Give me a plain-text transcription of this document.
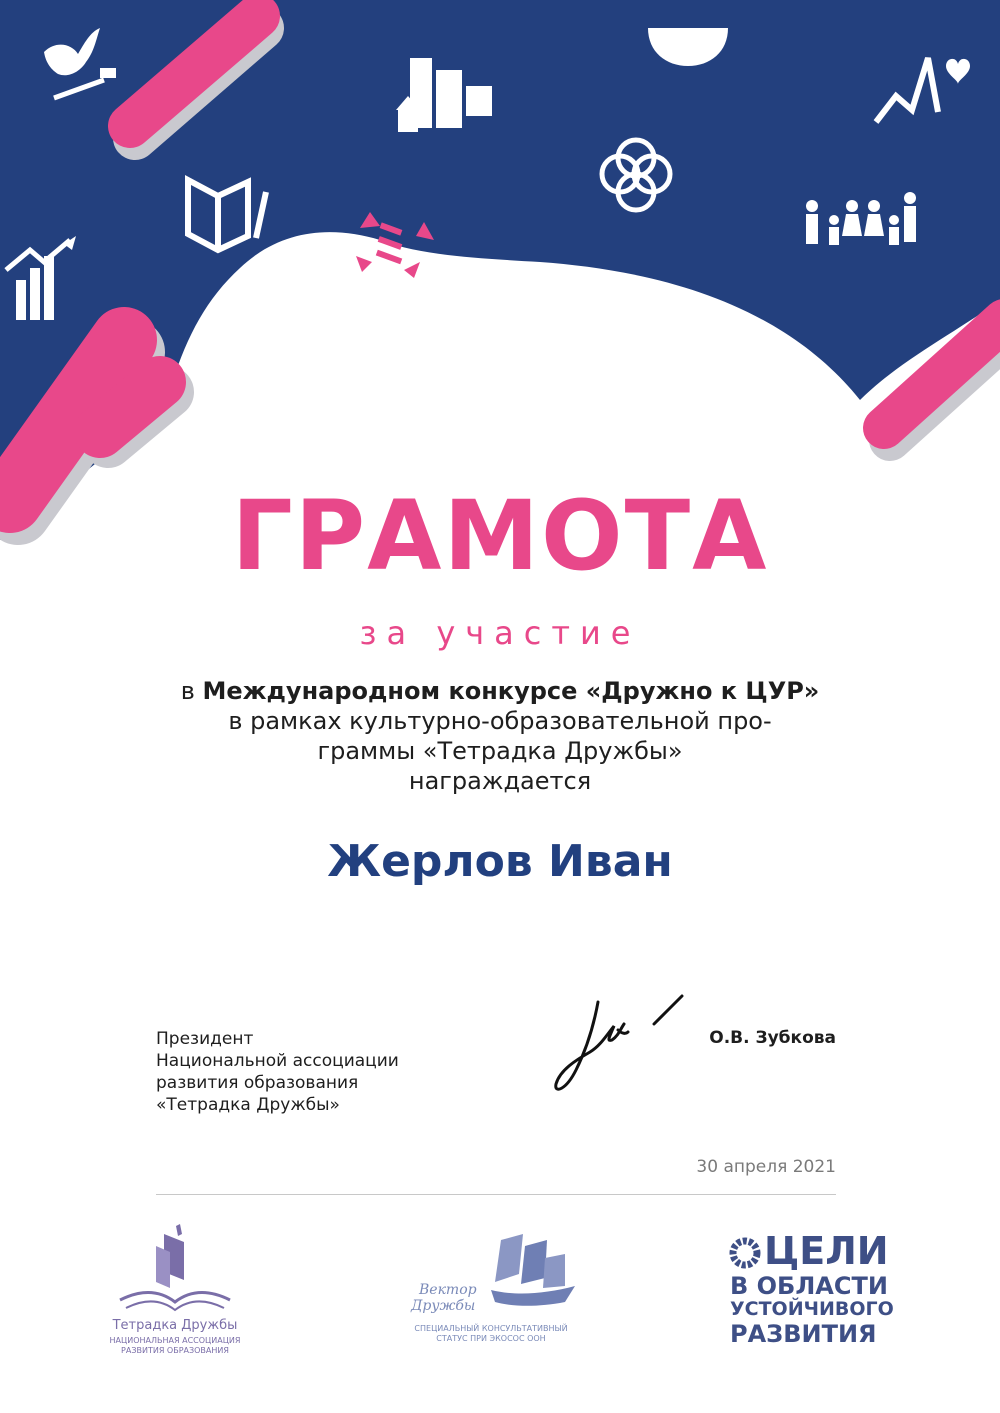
ГРАМОТА
за участие
в Международном конкурсе «Дружно к ЦУР»
в рамках культурно-образовательной про-
граммы «Тетрадка Дружбы»
награждается
Жерлов Иван
Президент
Национальной ассоциации
развития образования
«Тетрадка Дружбы»
О.В. Зубкова
30 апреля 2021
Тетрадка Дружбы
НАЦИОНАЛЬНАЯ АССОЦИАЦИЯ
РАЗВИТИЯ ОБРАЗОВАНИЯ
Вектор
Дружбы
СПЕЦИАЛЬНЫЙ КОНСУЛЬТАТИВНЫЙ
СТАТУС ПРИ ЭКОСОС ООН
ЦЕЛИ
В ОБЛАСТИ
УСТОЙЧИВОГО
РАЗВИТИЯ
